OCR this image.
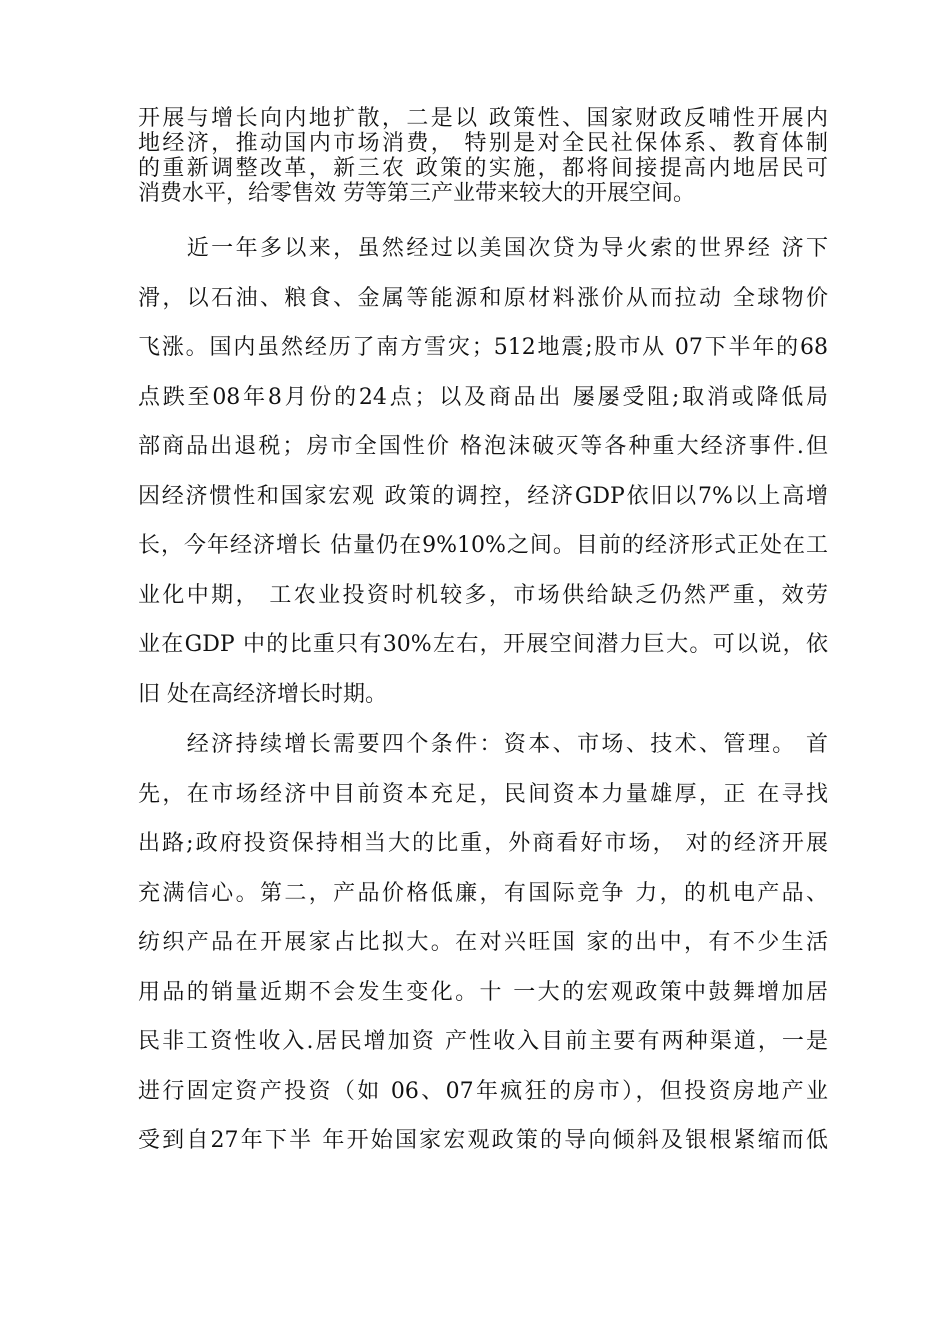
开展与增长向内地扩散，二是以 政策性、国家财政反哺性开展内
地经济，推动国内市场消费， 特别是对全民社保体系、教育体制
的重新调整改革，新三农 政策的实施，都将间接提高内地居民可
消费水平，给零售效 劳等第三产业带来较大的开展空间。
　　近一年多以来，虽然经过以美国次贷为导火索的世界经 济下
滑，以石油、粮食、金属等能源和原材料涨价从而拉动 全球物价
飞涨。国内虽然经历了南方雪灾；512地震;股市从 07下半年的68
点跌至08年8月份的24点；以及商品出 屡屡受阻;取消或降低局
部商品出退税；房市全国性价 格泡沫破灭等各种重大经济事件.但
因经济惯性和国家宏观 政策的调控，经济GDP依旧以7%以上高增
长，今年经济增长 估量仍在9%10%之间。目前的经济形式正处在工
业化中期， 工农业投资时机较多，市场供给缺乏仍然严重，效劳
业在GDP 中的比重只有30%左右，开展空间潜力巨大。可以说，依
旧 处在高经济增长时期。
　　经济持续增长需要四个条件：资本、市场、技术、管理。 首
先，在市场经济中目前资本充足，民间资本力量雄厚，正 在寻找
出路;政府投资保持相当大的比重，外商看好市场， 对的经济开展
充满信心。第二，产品价格低廉，有国际竞争 力，的机电产品、
纺织产品在开展家占比拟大。在对兴旺国 家的出中，有不少生活
用品的销量近期不会发生变化。十 一大的宏观政策中鼓舞增加居
民非工资性收入.居民增加资 产性收入目前主要有两种渠道，一是
进行固定资产投资（如 06、07年疯狂的房市），但投资房地产业
受到自27年下半 年开始国家宏观政策的导向倾斜及银根紧缩而低
